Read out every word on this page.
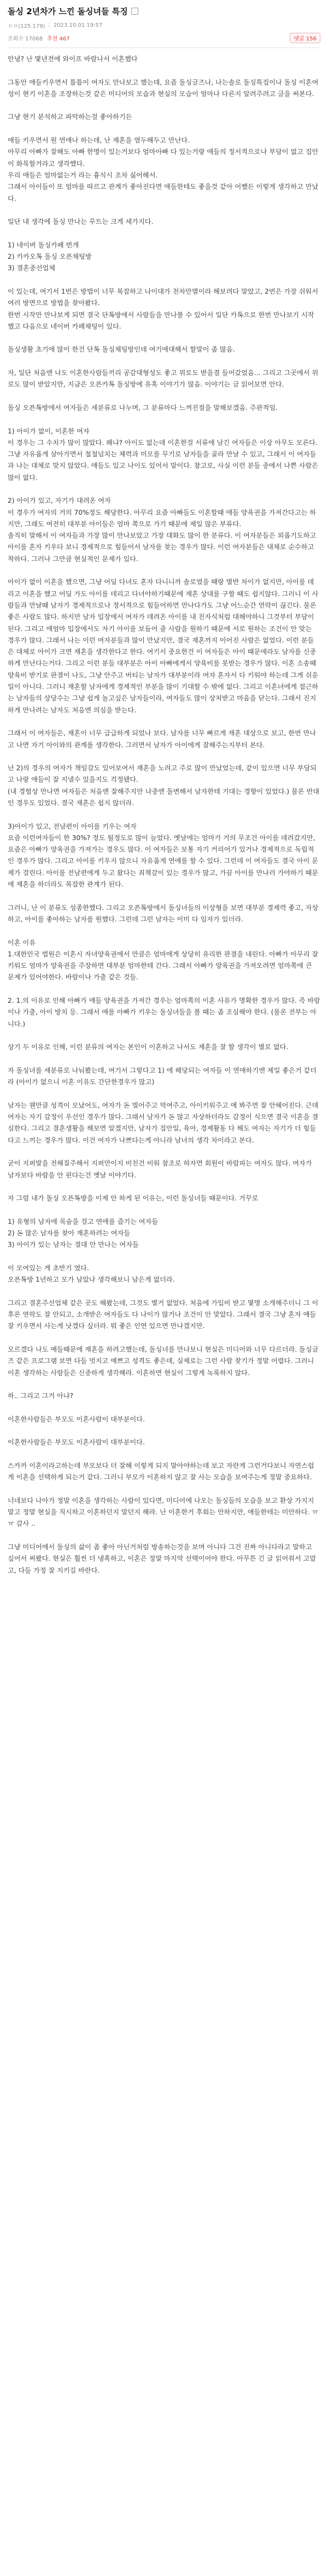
돌싱 2년차가 느낀 돌싱녀들 특징
ㅇㅇ(125.179) | 2023.10.01 19:57
조회수 17068 추천 467	댓글 156

안녕? 난 몇년전에 와이프 바람나서 이혼했다

그동안 애들키우면서 틈틈이 여자도 만나보고 했는데, 요즘 돌싱글즈나, 나는솔로 돌싱특집이나 돌싱 이혼여성이 현기 이혼을 조장하는것 같은 미디어의 모습과 현실의 모습이 얼마나 다른지 알려주려고 글을 써본다.

그냥 현기 분석하고 파악하는걸 좋아하기든

애들 키우면서 원 연애나 하는데, 난 재혼을 염두해두고 만난다.
아무리 아빠가 잘해도 아빠 한명이 있는거보다 엄마아빠 다 있는거랑 애들의 정서적으로나 부담이 없고 집안이 화목할거라고 생각했다.
우리 애들은 엄마없는거 라는 흉식시 조차 싫어해서.
그래서 아이들이 또 엄마를 따르고 관계가 좋아진다면 애들한테도 좋을것 같아 어쨌든 이렇게 생각하고 만났다.

일단 내 생각에 돌싱 만나는 루트는 크게 세가지다.

1) 네이버 돌싱카페 번개
2) 카카오톡 돌싱 오픈채팅방
3) 결혼중선업체

이 있는데, 여기서 1번은 방법이 너무 복잡하고 나이대가 천차만별이라 해보려다 말았고, 2번은 가장 쉬워서 여러 방면으로 방법을 찾아봤다.
한번 시작만 만나보게 되면 결국 단톡방에서 사람들을 만나볼 수 있어서 일단 카톡으로 한번 만나보기 시작했고 다음으로 네이버 카페채팅이 있다.

돌싱생활 초기에 많이 한건 단톡 돌싱채팅방인데 여기에대해서 할말이 좀 많음.

자, 일단 처음엔 나도 이혼한사람들끼리 공감대형성도 좋고 위로도 받을겸 들어갔었음... 그리고 그곳에서 위로도 많이 받았지만, 지금은 오픈카톡 돌싱방에 유혹 이야기가 많음. 이야기는 글 읽어보면 안다.

돌싱 오픈톡방에서 여자들은 세분류로 나누며, 그 분류마다 느껴진점을 말해보겠음. 주관적임.

1) 아이가 없이, 이혼한 여자
이 경우는 그 수치가 많이 많았다. 왜냐? 아이도 없는데 이혼한걸 서류에 남긴 여자들은 이상 아무도 모른다. 그냥 자유롭게 살아가면서 철철넘치는 체력과 미모를 무기로 남자들을 골라 만날 수 있고, 그래서 이 여자들과 나는 대체로 맞지 않았다. 애들도 있고 나이도 있어서 말이다. 참고로, 사실 이런 분들 중에서 나쁜 사람은 많이 없다.

2) 아이가 있고, 자기가 대려온 여자
이 경우가 여자의 거의 70%정도 해당한다. 아무리 요즘 아빠들도 이혼할때 애들 양육권을 가져간다고는 하지만, 그래도 여전히 대부분 아이들은 엄마 쪽으로 가기 때문에 제일 많은 부류다.
솔직히 말해서 이 여자들과 가장 많이 만나보았고 가장 대화도 많이 한 분류다. 이 여자분들은 외롭기도하고 아이를 혼자 키우다 보니 경제적으로 힘들어서 남자를 찾는 경우가 많다. 이런 여자분들은 대체로 순수하고 착하다. 그러나 그만큼 현실적인 문제가 있다.

아이가 없이 이혼을 했으면, 그냥 어딜 다녀도 혼자 다니니까 솔로였을 때랑 별반 차이가 없지만, 아이를 데리고 이혼을 했고 어딜 가도 아이를 데리고 다녀야하기때문에 재혼 상대를 구할 때도 쉽지않다. 그러니 이 사람들과 만날때 남자가 경제적으로나 정서적으로 힘들어하면 만나다가도 그냥 어느순간 연락이 끊긴다. 물론 좋은 사람도 많다. 하지만 남자 입장에서 여자가 데려온 아이를 내 친자식처럼 대해야하니 그것부터 부담이 된다. 그리고 애엄마 입장에서도 자기 아이를 보듬어 줄 사람을 원하기 때문에 서로 원하는 조건이 안 맞는 경우가 많다. 그래서 나는 이런 여자분들과 많이 만났지만, 결국 재혼까지 이어진 사람은 없었다. 이런 분들은 대체로 아이가 크면 재혼을 생각한다고 한다. 여기서 중요한건 이 여자들은 아이 때문에라도 남자를 신중하게 만난다는거다. 그리고 이런 분들 대부분은 아이 아빠에게서 양육비를 못받는 경우가 많다. 이혼 소송때 양육비 받기로 판결이 나도, 그냥 안주고 버티는 남자가 대부분이라 여자 혼자서 다 키워야 하는데 그게 쉬운일이 아니다. 그러니 재혼할 남자에게 경제적인 부분을 많이 기대할 수 밖에 없다. 그리고 이혼녀에게 접근하는 남자들의 상당수는 그냥 쉽게 놀고싶은 남자들이라, 여자들도 많이 상처받고 마음을 닫는다. 그래서 진지하게 만나려는 남자도 처음엔 의심을 받는다.

그래서 이 여자들은, 재혼이 너무 급급하게 되었나 보다. 남자를 너무 빠르게 재혼 대상으로 보고, 한번 만나고 나면 자기 아이와의 관계를 생각한다. 그러면서 남자가 아이에게 잘해주는지부터 본다.

난 2)의 경우의 여자가 책임감도 있어보여서 재혼을 노려고 주로 많이 만났었는데, 같이 있으면 너무 부담되고 나랑 애들이 잘 지낼수 있을지도 걱정됐다.
(내 경험상 만나면 여자들은 처음엔 잘해주지만 나중엔 돌변해서 남자한테 기대는 경향이 있었다.) 물론 반대인 경우도 있었다. 결국 재혼은 쉽지 않더라.

3)아이가 있고, 전남편이 아이를 키우는 여자
요즘 이런여자들이 한 30%? 정도 될정도로 많이 늘었다. 옛날에는 엄마가 거의 무조건 아이를 데려갔지만, 요즘은 아빠가 양육권을 가져가는 경우도 많다. 이 여자들은 보통 자기 커리어가 있거나 경제적으로 독립적인 경우가 많다. 그리고 아이를 키우지 않으니 자유롭게 연애를 할 수 있다. 그런데 이 여자들도 결국 아이 문제가 걸린다. 아이를 전남편에게 두고 왔다는 죄책감이 있는 경우가 많고, 가끔 아이를 만나러 가야하기 때문에 재혼을 하더라도 복잡한 관계가 된다.

그러니, 난 이 분류도 성종한했다. 그리고 오픈톡방에서 돌싱녀들의 이상형을 보면 대부분 경제력 좋고, 자상하고, 아이를 좋아하는 남자를 원했다. 그런데 그런 남자는 이미 다 임자가 있더라.

이혼 이유
1.대한민국 법원은 이혼시 자녀양육권에서 만큼은 엄마에게 상당히 유리한 판결을 내린다. 아빠가 아무리 잘 키워도 엄마가 양육권을 주장하면 대부분 엄마한테 간다. 그래서 아빠가 양육권을 가져오려면 엄마쪽에 큰 문제가 있어야한다. 바람이나 가출 같은 것들.

2. 1.의 이유로 인해 아빠가 애들 양육권을 가져간 경우는 엄마쪽의 이혼 사유가 명확한 경우가 많다. 즉 바람이나 가출, 아이 방치 등. 그래서 애를 아빠가 키우는 돌싱녀들을 볼 때는 좀 조심해야 한다. (물론 전부는 아니다.)

상기 두 이유로 인해, 이런 분류의 여자는 본인이 이혼하고 나서도 재혼을 잘 할 생각이 별로 없다.

자 돌싱녀를 세분류로 나눠봤는데, 여기서 그렇다고 1) 에 해당되는 여자들 이 연애하기엔 제일 좋은거 같더라 (아이가 없으니 이혼 이유도 간단한경우가 많고)

남자는 웬만큼 성격이 모났어도, 여자가 돈 벌어주고 먹여주고, 아이키워주고 애 봐주면 잘 안헤어진다. 근데 여자는 자기 감정이 우선인 경우가 많다. 그래서 남자가 돈 많고 자상하더라도 감정이 식으면 결국 이혼을 결심한다. 그리고 결혼생활을 해보면 알겠지만, 남자가 집안일, 육아, 경제활동 다 해도 여자는 자기가 더 힘들다고 느끼는 경우가 많다. 이건 여자가 나쁘다는게 아니라 남녀의 생각 차이라고 본다.

굳이 지퍼발을 전해질주해서 지퍼만이지 비친건 비워 참조로 하자면 회원이 바람피는 여자도 많다. 여자가 남자보다 바람을 안 핀다는건 옛날 이야기다.

자 그럼 내가 돌싱 오픈톡방을 이제 안 하게 된 이유는, 이런 돌싱녀들 때문이다. 거꾸로

1) 유형의 남자에 목숨을 걸고 연애를 즐기는 여자들
2) 돈 많은 남자를 찾아 재혼하려는 여자들
3) 아이가 있는 남자는 절대 안 만나는 여자들

이 모여있는 게 초반기 였다.
오픈톡방 1년하고 모가 남았나 생각해보니 남은게 없더라.

그리고 결혼주선업체 같은 곳도 해봤는데, 그것도 별거 없었다. 처음에 가입비 받고 몇명 소개해주더니 그 이후론 연락도 잘 안되고, 소개받은 여자들도 다 나이가 많거나 조건이 안 맞았다. 그래서 결국 그냥 혼자 애들 잘 키우면서 사는게 낫겠다 싶더라. 뭐 좋은 인연 있으면 만나겠지만.

모르겠다 나도 예들때문에 재혼을 하려고했는데, 돌싱녀를 만나보니 현실은 미디어와 너무 다르더라. 돌싱글즈 같은 프로그램 보면 다들 멋지고 예쁘고 성격도 좋은데, 실제로는 그런 사람 찾기가 정말 어렵다. 그러니 이혼 생각하는 사람들은 신중하게 생각해라. 이혼하면 현실이 그렇게 녹록하지 않다.

하.. 그리고 그거 아냐?

이혼한사람들은 부모도 이혼사람이 대부분이다.

이혼한사람들은 부모도 이혼사람이 대부분이다.

스카까 이혼이라고하는데 부모보다 더 잘해 이렇게 되지 말아야하는데 보고 자란게 그런거다보니 자연스럽게 이혼을 선택하게 되는거 같다. 그러니 부모가 이혼하지 않고 잘 사는 모습을 보여주는게 정말 중요하다.

너네보다 나아가 정말 이혼을 생각하는 사람이 있다면, 미디어에 나오는 돌싱들의 모습을 보고 환상 가지지 말고 정말 현실을 직시하고 이혼하던지 말던지 해라. 난 이혼한거 후회는 안하지만, 애들한테는 미안하다. ㅠㅠ 감사 ..

그냥 미디어에서 돌싱의 삶이 좀 좋아 아닌거처럼 방송하는것을 보며 아니다 그건 진짜 아니다라고 말하고 싶어서 써봤다. 현실은 훨씬 더 냉혹하고, 이혼은 정말 마지막 선택이어야 한다. 아무튼 긴 글 읽어줘서 고맙고, 다들 가정 잘 지키길 바란다.
